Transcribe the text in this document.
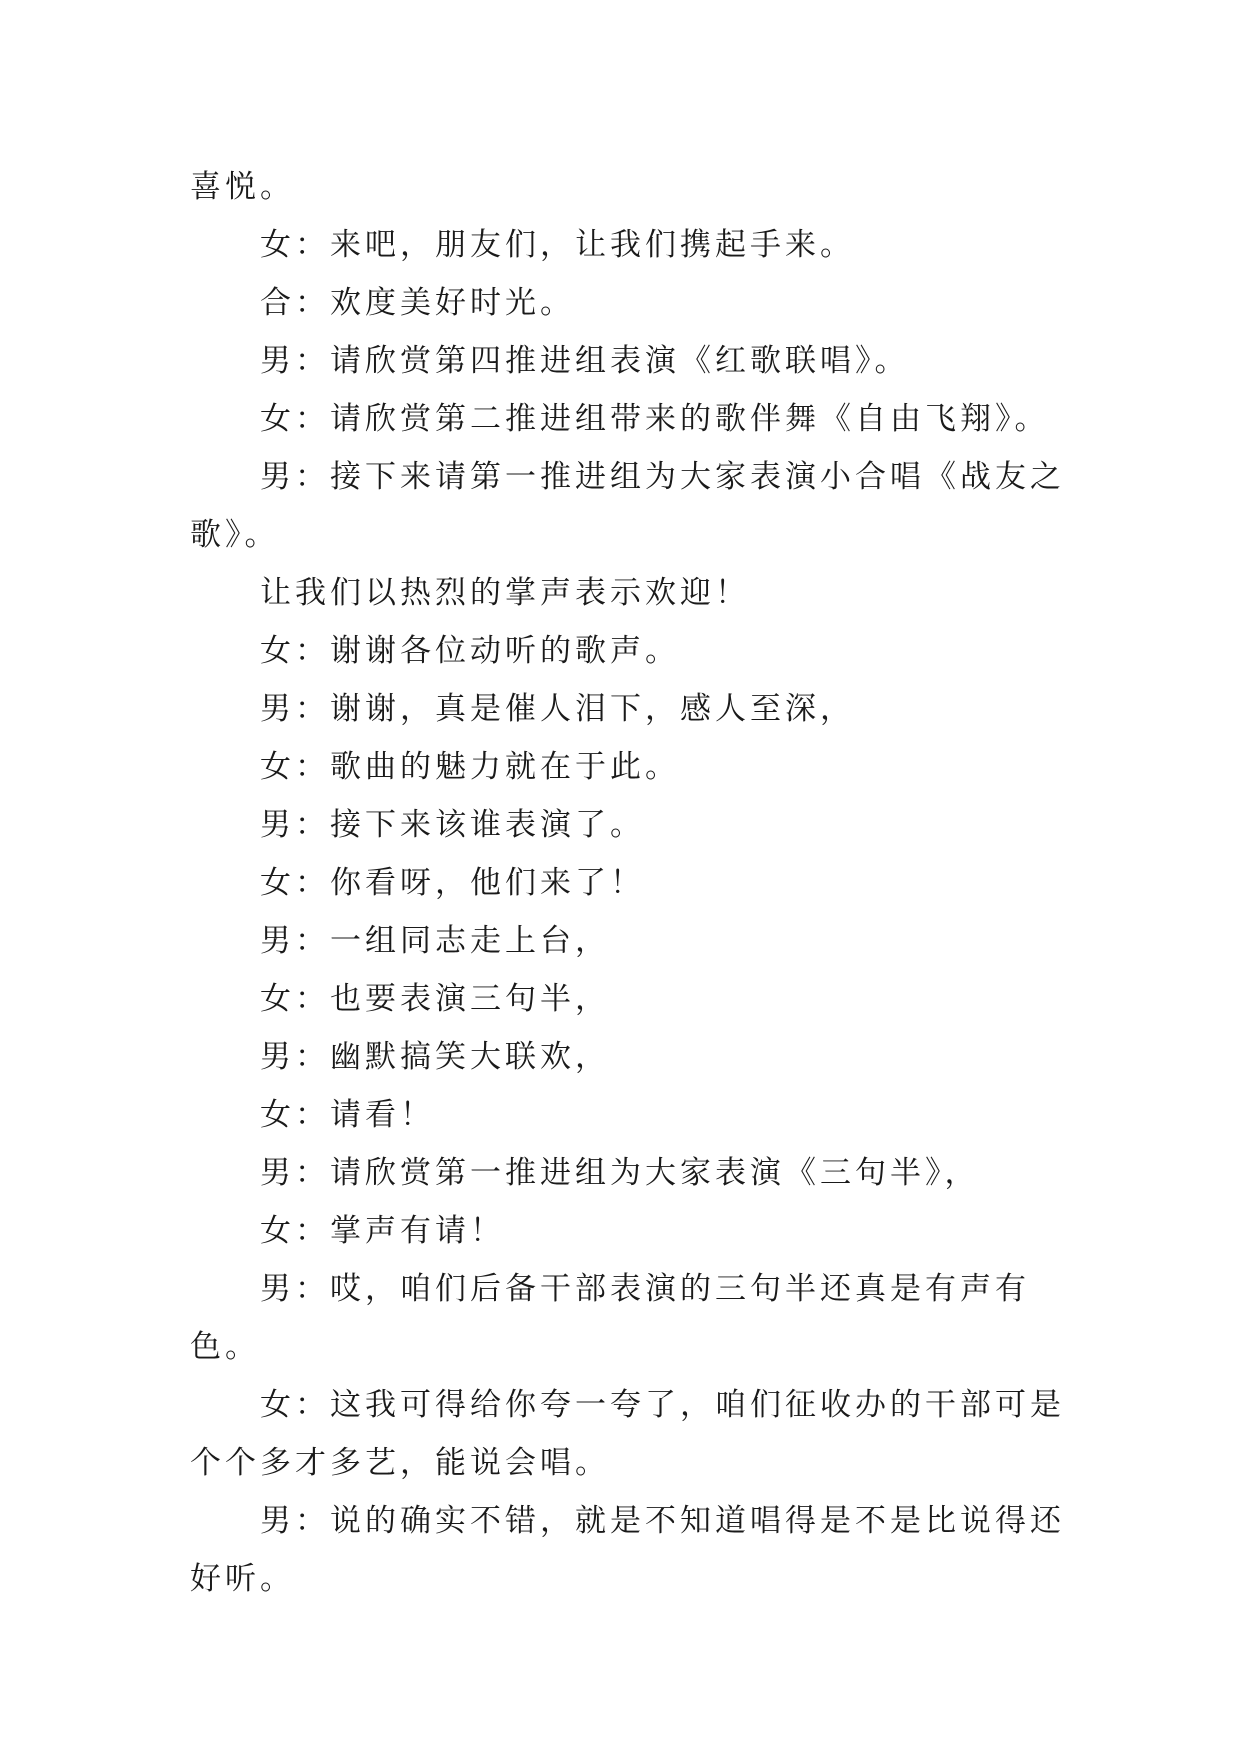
喜悦。

女：来吧，朋友们，让我们携起手来。

合：欢度美好时光。

男：请欣赏第四推进组表演《红歌联唱》。

女：请欣赏第二推进组带来的歌伴舞《自由飞翔》。

男：接下来请第一推进组为大家表演小合唱《战友之歌》。

让我们以热烈的掌声表示欢迎！

女：谢谢各位动听的歌声。

男：谢谢，真是催人泪下，感人至深，

女：歌曲的魅力就在于此。

男：接下来该谁表演了。

女：你看呀，他们来了！

男：一组同志走上台，

女：也要表演三句半，

男：幽默搞笑大联欢，

女：请看！

男：请欣赏第一推进组为大家表演《三句半》，

女：掌声有请！

男：哎，咱们后备干部表演的三句半还真是有声有色。

女：这我可得给你夸一夸了，咱们征收办的干部可是个个多才多艺，能说会唱。

男：说的确实不错，就是不知道唱得是不是比说得还好听。
